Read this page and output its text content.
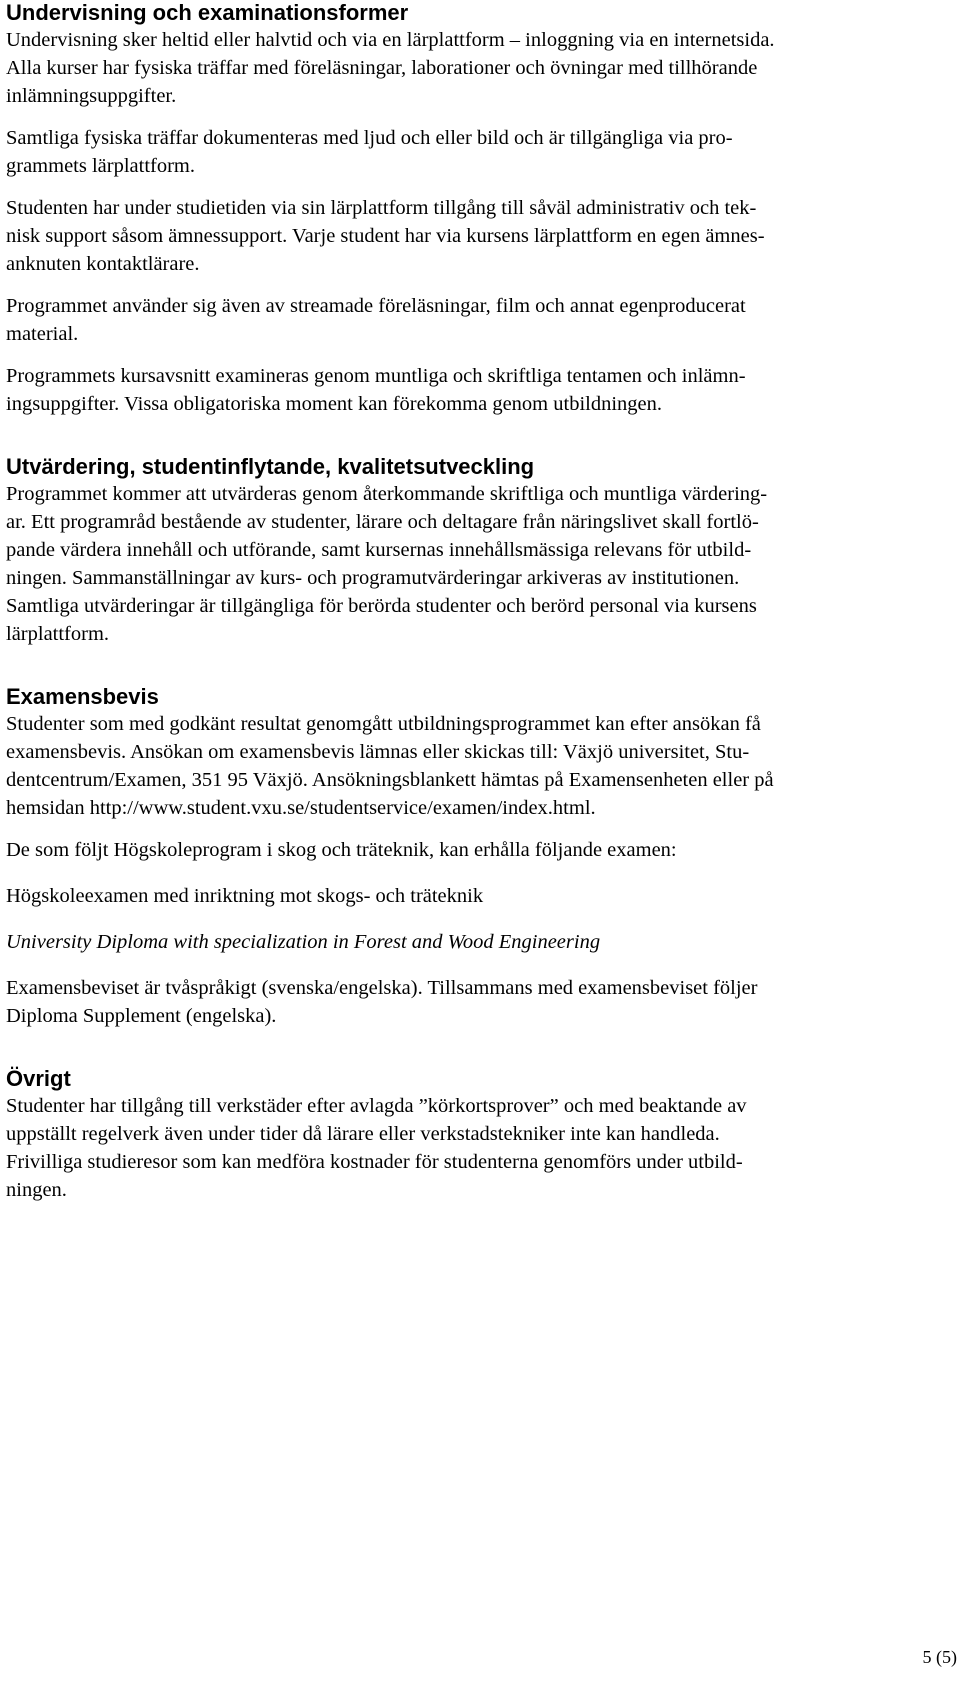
Undervisning och examinationsformer

Undervisning sker heltid eller halvtid och via en lärplattform – inloggning via en internetsida.
Alla kurser har fysiska träffar med föreläsningar, laborationer och övningar med tillhörande
inlämningsuppgifter.

Samtliga fysiska träffar dokumenteras med ljud och eller bild och är tillgängliga via pro-
grammets lärplattform.

Studenten har under studietiden via sin lärplattform tillgång till såväl administrativ och tek-
nisk support såsom ämnessupport. Varje student har via kursens lärplattform en egen ämnes-
anknuten kontaktlärare.

Programmet använder sig även av streamade föreläsningar, film och annat egenproducerat
material.

Programmets kursavsnitt examineras genom muntliga och skriftliga tentamen och inlämn-
ingsuppgifter. Vissa obligatoriska moment kan förekomma genom utbildningen.

Utvärdering, studentinflytande, kvalitetsutveckling

Programmet kommer att utvärderas genom återkommande skriftliga och muntliga värdering-
ar. Ett programråd bestående av studenter, lärare och deltagare från näringslivet skall fortlö-
pande värdera innehåll och utförande, samt kursernas innehållsmässiga relevans för utbild-
ningen. Sammanställningar av kurs- och programutvärderingar arkiveras av institutionen.
Samtliga utvärderingar är tillgängliga för berörda studenter och berörd personal via kursens
lärplattform.

Examensbevis

Studenter som med godkänt resultat genomgått utbildningsprogrammet kan efter ansökan få
examensbevis. Ansökan om examensbevis lämnas eller skickas till: Växjö universitet, Stu-
dentcentrum/Examen, 351 95 Växjö. Ansökningsblankett hämtas på Examensenheten eller på
hemsidan http://www.student.vxu.se/studentservice/examen/index.html.

De som följt Högskoleprogram i skog och träteknik, kan erhålla följande examen:

Högskoleexamen med inriktning mot skogs- och träteknik

University Diploma with specialization in Forest and Wood Engineering

Examensbeviset är tvåspråkigt (svenska/engelska). Tillsammans med examensbeviset följer
Diploma Supplement (engelska).

Övrigt

Studenter har tillgång till verkstäder efter avlagda ”körkortsprover” och med beaktande av
uppställt regelverk även under tider då lärare eller verkstadstekniker inte kan handleda.
Frivilliga studieresor som kan medföra kostnader för studenterna genomförs under utbild-
ningen.

5 (5)
